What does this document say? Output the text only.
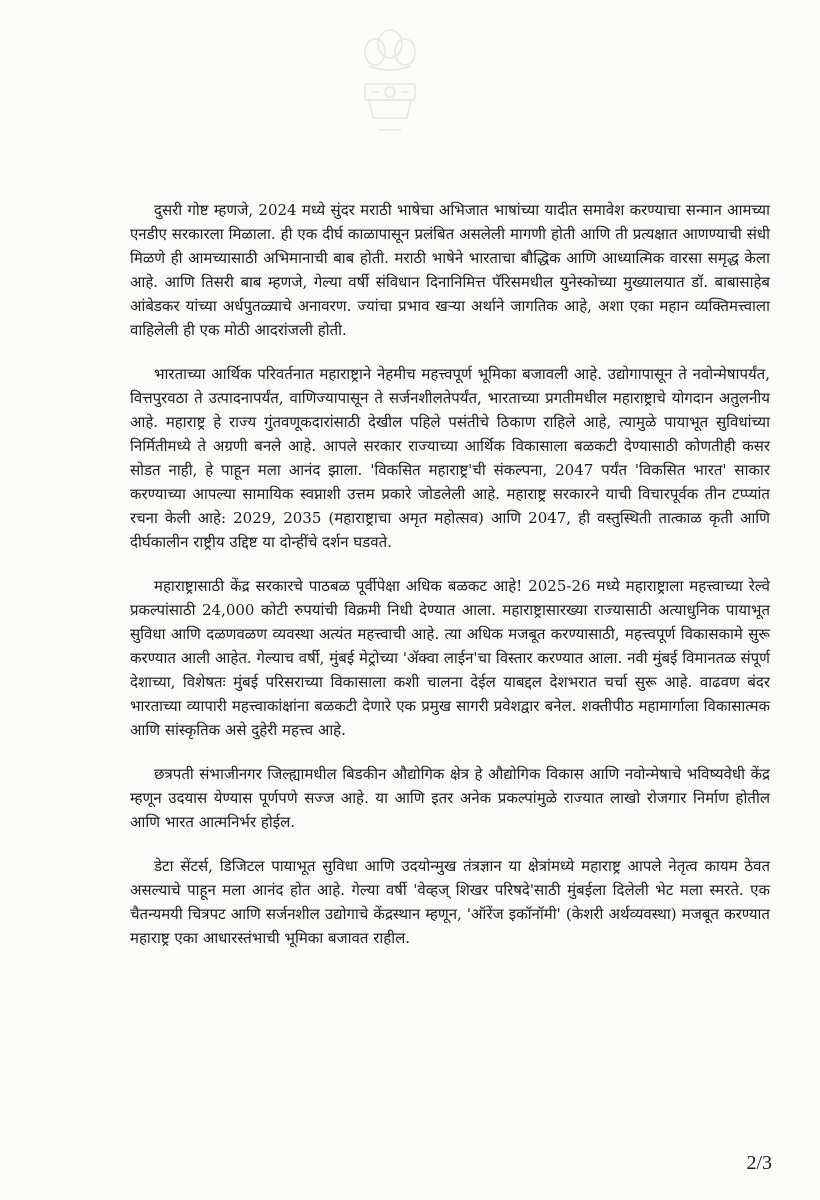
दुसरी गोष्ट म्हणजे, 2024 मध्ये सुंदर मराठी भाषेचा अभिजात भाषांच्या यादीत समावेश करण्याचा सन्मान आमच्या एनडीए सरकारला मिळाला. ही एक दीर्घ काळापासून प्रलंबित असलेली मागणी होती आणि ती प्रत्यक्षात आणण्याची संधी मिळणे ही आमच्यासाठी अभिमानाची बाब होती. मराठी भाषेने भारताचा बौद्धिक आणि आध्यात्मिक वारसा समृद्ध केला आहे. आणि तिसरी बाब म्हणजे, गेल्या वर्षी संविधान दिनानिमित्त पॅरिसमधील युनेस्कोच्या मुख्यालयात डॉ. बाबासाहेब आंबेडकर यांच्या अर्धपुतळ्याचे अनावरण. ज्यांचा प्रभाव खऱ्या अर्थाने जागतिक आहे, अशा एका महान व्यक्तिमत्त्वाला वाहिलेली ही एक मोठी आदरांजली होती.

भारताच्या आर्थिक परिवर्तनात महाराष्ट्राने नेहमीच महत्त्वपूर्ण भूमिका बजावली आहे. उद्योगापासून ते नवोन्मेषापर्यंत, वित्तपुरवठा ते उत्पादनापर्यंत, वाणिज्यापासून ते सर्जनशीलतेपर्यंत, भारताच्या प्रगतीमधील महाराष्ट्राचे योगदान अतुलनीय आहे. महाराष्ट्र हे राज्य गुंतवणूकदारांसाठी देखील पहिले पसंतीचे ठिकाण राहिले आहे, त्यामुळे पायाभूत सुविधांच्या निर्मितीमध्ये ते अग्रणी बनले आहे. आपले सरकार राज्याच्या आर्थिक विकासाला बळकटी देण्यासाठी कोणतीही कसर सोडत नाही, हे पाहून मला आनंद झाला. 'विकसित महाराष्ट्र'ची संकल्पना, 2047 पर्यंत 'विकसित भारत' साकार करण्याच्या आपल्या सामायिक स्वप्नाशी उत्तम प्रकारे जोडलेली आहे. महाराष्ट्र सरकारने याची विचारपूर्वक तीन टप्प्यांत रचना केली आहे: 2029, 2035 (महाराष्ट्राचा अमृत महोत्सव) आणि 2047, ही वस्तुस्थिती तात्काळ कृती आणि दीर्घकालीन राष्ट्रीय उद्दिष्ट या दोन्हींचे दर्शन घडवते.

महाराष्ट्रासाठी केंद्र सरकारचे पाठबळ पूर्वीपेक्षा अधिक बळकट आहे! 2025-26 मध्ये महाराष्ट्राला महत्त्वाच्या रेल्वे प्रकल्पांसाठी 24,000 कोटी रुपयांची विक्रमी निधी देण्यात आला. महाराष्ट्रासारख्या राज्यासाठी अत्याधुनिक पायाभूत सुविधा आणि दळणवळण व्यवस्था अत्यंत महत्त्वाची आहे. त्या अधिक मजबूत करण्यासाठी, महत्त्वपूर्ण विकासकामे सुरू करण्यात आली आहेत. गेल्याच वर्षी, मुंबई मेट्रोच्या 'ॲक्वा लाईन'चा विस्तार करण्यात आला. नवी मुंबई विमानतळ संपूर्ण देशाच्या, विशेषतः मुंबई परिसराच्या विकासाला कशी चालना देईल याबद्दल देशभरात चर्चा सुरू आहे. वाढवण बंदर भारताच्या व्यापारी महत्त्वाकांक्षांना बळकटी देणारे एक प्रमुख सागरी प्रवेशद्वार बनेल. शक्तीपीठ महामार्गाला विकासात्मक आणि सांस्कृतिक असे दुहेरी महत्त्व आहे.

छत्रपती संभाजीनगर जिल्ह्यामधील बिडकीन औद्योगिक क्षेत्र हे औद्योगिक विकास आणि नवोन्मेषाचे भविष्यवेधी केंद्र म्हणून उदयास येण्यास पूर्णपणे सज्ज आहे. या आणि इतर अनेक प्रकल्पांमुळे राज्यात लाखो रोजगार निर्माण होतील आणि भारत आत्मनिर्भर होईल.

डेटा सेंटर्स, डिजिटल पायाभूत सुविधा आणि उदयोन्मुख तंत्रज्ञान या क्षेत्रांमध्ये महाराष्ट्र आपले नेतृत्व कायम ठेवत असल्याचे पाहून मला आनंद होत आहे. गेल्या वर्षी 'वेव्हज् शिखर परिषदे'साठी मुंबईला दिलेली भेट मला स्मरते. एक चैतन्यमयी चित्रपट आणि सर्जनशील उद्योगाचे केंद्रस्थान म्हणून, 'ऑरेंज इकॉनॉमी' (केशरी अर्थव्यवस्था) मजबूत करण्यात महाराष्ट्र एका आधारस्तंभाची भूमिका बजावत राहील.

2/3
